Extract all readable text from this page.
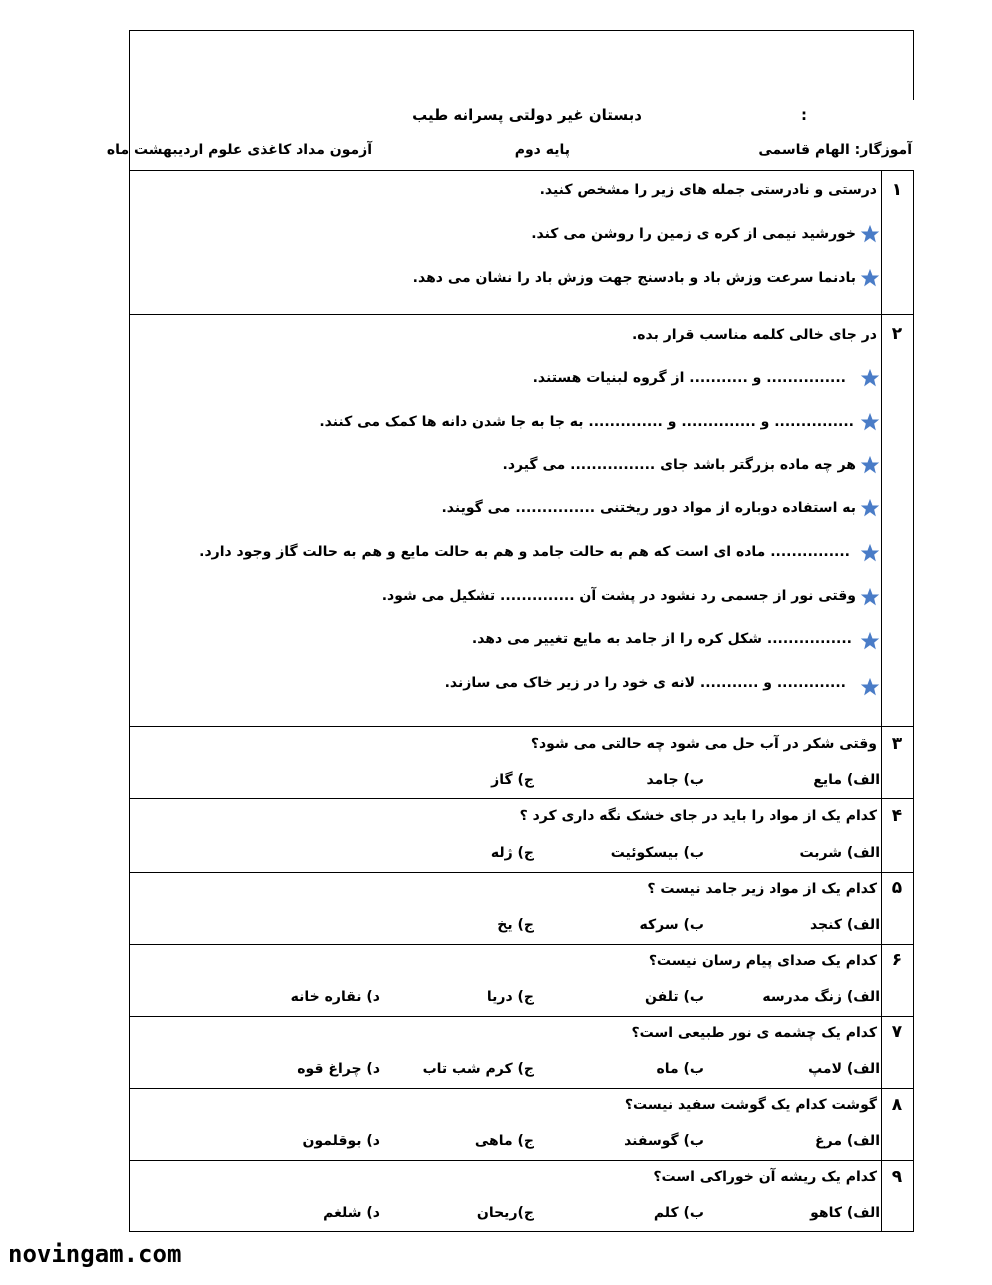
دبستان غیر دولتی پسرانه طیب	:
آموزگار: الهام قاسمی
پایه دوم
آزمون مداد کاغذی علوم اردیبهشت ماه
۱
درستی و نادرستی جمله های زیر را مشخص کنید.
خورشید نیمی از کره ی زمین را روشن می کند.
بادنما سرعت وزش باد و بادسنج جهت وزش باد را نشان می دهد.
۲
در جای خالی کلمه مناسب قرار بده.
............... و ........... از گروه لبنیات هستند.
............... و .............. و .............. به جا به جا شدن دانه ها کمک می کنند.
هر چه ماده بزرگتر باشد جای ................ می گیرد.
به استفاده دوباره از مواد دور ریختنی ............... می گویند.
............... ماده ای است که هم به حالت جامد و هم به حالت مایع و هم به حالت گاز وجود دارد.
وقتی نور از جسمی رد نشود در پشت آن .............. تشکیل می شود.
................ شکل کره را از جامد به مایع تغییر می دهد.
............. و ........... لانه ی خود را در زیر خاک می سازند.
۳
وقتی شکر در آب حل می شود چه حالتی می شود؟
الف) مایع
ب) جامد
ج) گاز
۴
کدام یک از مواد را باید در جای خشک نگه داری کرد ؟
الف) شربت
ب) بیسکوئیت
ج) ژله
۵
کدام یک از مواد زیر جامد نیست ؟
الف) کنجد
ب) سرکه
ج) یخ
۶
کدام یک صدای پیام رسان نیست؟
الف) زنگ مدرسه
ب) تلفن
ج) دریا
د) نقاره خانه
۷
کدام یک چشمه ی نور طبیعی است؟
الف) لامپ
ب) ماه
ج) کرم شب تاب
د) چراغ قوه
۸
گوشت کدام یک گوشت سفید نیست؟
الف) مرغ
ب) گوسفند
ج) ماهی
د) بوقلمون
۹
کدام یک ریشه آن خوراکی است؟
الف) کاهو
ب) کلم
ج)ریحان
د) شلغم
novingam.com
